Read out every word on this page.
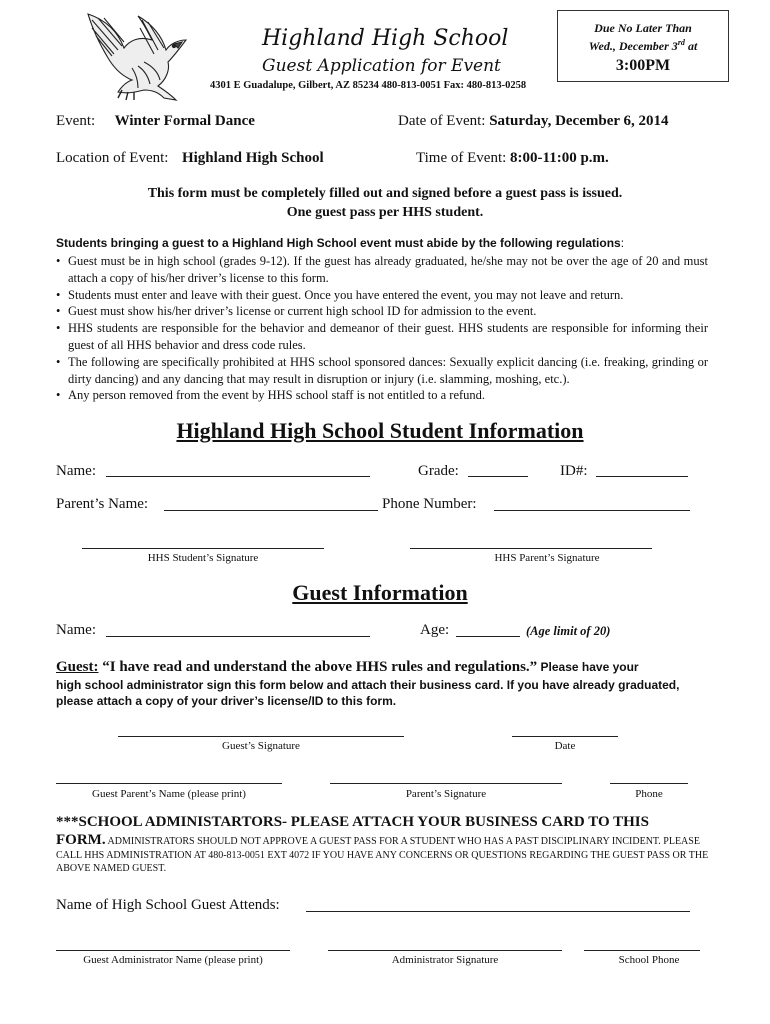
Highland High School
Guest Application for Event
4301 E Guadalupe, Gilbert, AZ 85234 480-813-0051 Fax: 480-813-0258
Due No Later Than
Wed., December 3rd at
3:00PM
Event: Winter Formal Dance	Date of Event: Saturday, December 6, 2014
Location of Event: Highland High School	Time of Event: 8:00-11:00 p.m.
This form must be completely filled out and signed before a guest pass is issued.
One guest pass per HHS student.
Students bringing a guest to a Highland High School event must abide by the following regulations:
• Guest must be in high school (grades 9-12). If the guest has already graduated, he/she may not be over the age of 20 and must attach a copy of his/her driver’s license to this form.
• Students must enter and leave with their guest. Once you have entered the event, you may not leave and return.
• Guest must show his/her driver’s license or current high school ID for admission to the event.
• HHS students are responsible for the behavior and demeanor of their guest. HHS students are responsible for informing their guest of all HHS behavior and dress code rules.
• The following are specifically prohibited at HHS school sponsored dances: Sexually explicit dancing (i.e. freaking, grinding or dirty dancing) and any dancing that may result in disruption or injury (i.e. slamming, moshing, etc.).
• Any person removed from the event by HHS school staff is not entitled to a refund.
Highland High School Student Information
Name:	Grade:	ID#:
Parent’s Name:	Phone Number:
HHS Student’s Signature	HHS Parent’s Signature
Guest Information
Name:	Age:	(Age limit of 20)
Guest: “I have read and understand the above HHS rules and regulations.” Please have your
high school administrator sign this form below and attach their business card. If you have already graduated, please attach a copy of your driver’s license/ID to this form.
Guest’s Signature	Date
Guest Parent’s Name (please print)	Parent’s Signature	Phone
***SCHOOL ADMINISTARTORS- PLEASE ATTACH YOUR BUSINESS CARD TO THIS
FORM. ADMINISTRATORS SHOULD NOT APPROVE A GUEST PASS FOR A STUDENT WHO HAS A PAST DISCIPLINARY INCIDENT. PLEASE CALL HHS ADMINISTRATION AT 480-813-0051 EXT 4072 IF YOU HAVE ANY CONCERNS OR QUESTIONS REGARDING THE GUEST PASS OR THE ABOVE NAMED GUEST.
Name of High School Guest Attends:
Guest Administrator Name (please print)	Administrator Signature	School Phone
